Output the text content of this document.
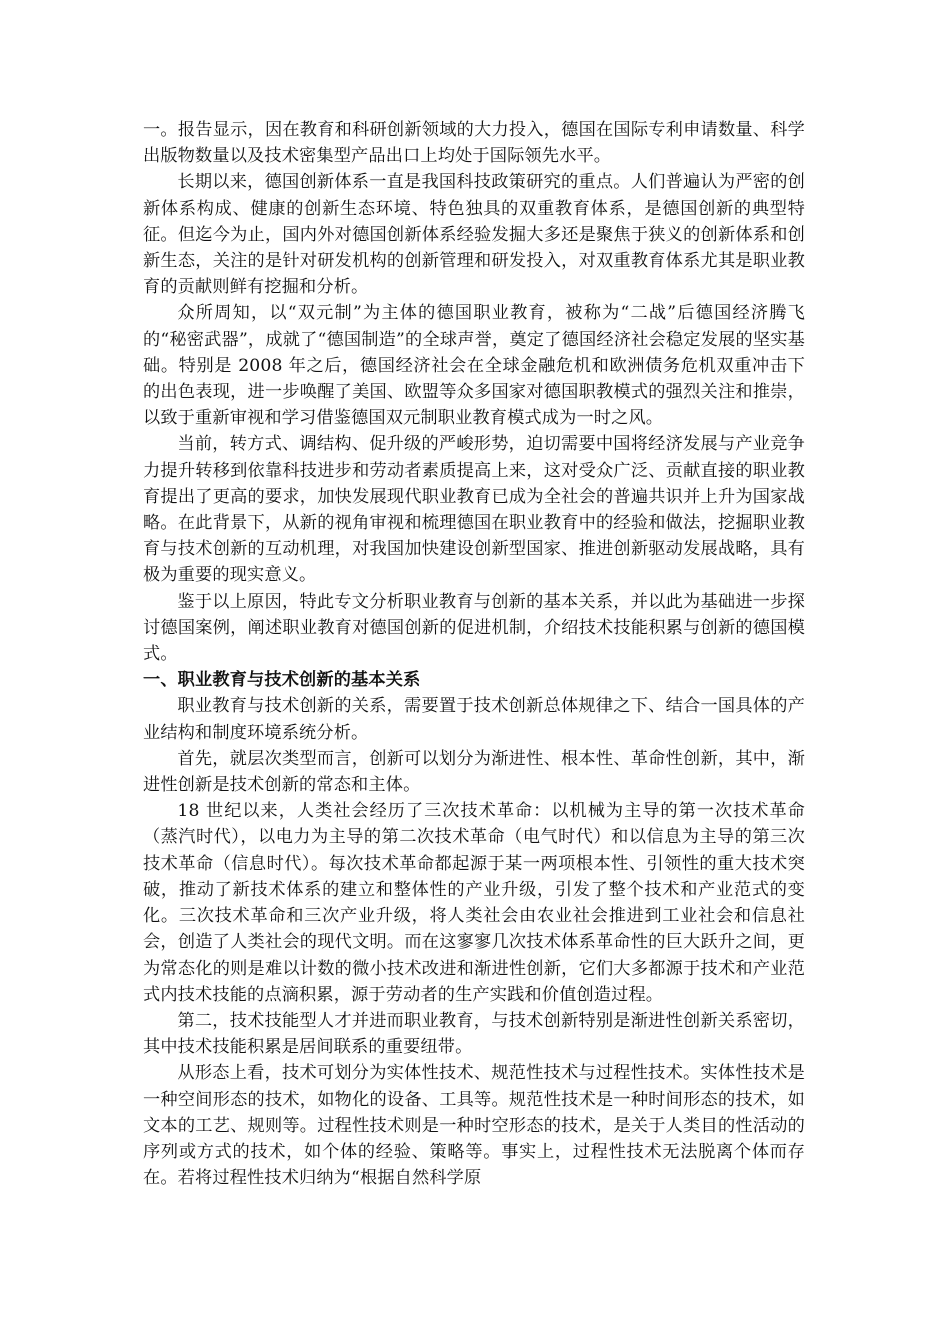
一。报告显示，因在教育和科研创新领域的大力投入，德国在国际专利申请数量、科学出版物数量以及技术密集型产品出口上均处于国际领先水平。

长期以来，德国创新体系一直是我国科技政策研究的重点。人们普遍认为严密的创新体系构成、健康的创新生态环境、特色独具的双重教育体系，是德国创新的典型特征。但迄今为止，国内外对德国创新体系经验发掘大多还是聚焦于狭义的创新体系和创新生态，关注的是针对研发机构的创新管理和研发投入，对双重教育体系尤其是职业教育的贡献则鲜有挖掘和分析。

众所周知，以“双元制”为主体的德国职业教育，被称为“二战”后德国经济腾飞的“秘密武器”，成就了“德国制造”的全球声誉，奠定了德国经济社会稳定发展的坚实基础。特别是 2008 年之后，德国经济社会在全球金融危机和欧洲债务危机双重冲击下的出色表现，进一步唤醒了美国、欧盟等众多国家对德国职教模式的强烈关注和推崇，以致于重新审视和学习借鉴德国双元制职业教育模式成为一时之风。

当前，转方式、调结构、促升级的严峻形势，迫切需要中国将经济发展与产业竞争力提升转移到依靠科技进步和劳动者素质提高上来，这对受众广泛、贡献直接的职业教育提出了更高的要求，加快发展现代职业教育已成为全社会的普遍共识并上升为国家战略。在此背景下，从新的视角审视和梳理德国在职业教育中的经验和做法，挖掘职业教育与技术创新的互动机理，对我国加快建设创新型国家、推进创新驱动发展战略，具有极为重要的现实意义。

鉴于以上原因，特此专文分析职业教育与创新的基本关系，并以此为基础进一步探讨德国案例，阐述职业教育对德国创新的促进机制，介绍技术技能积累与创新的德国模式。

一、职业教育与技术创新的基本关系

职业教育与技术创新的关系，需要置于技术创新总体规律之下、结合一国具体的产业结构和制度环境系统分析。

首先，就层次类型而言，创新可以划分为渐进性、根本性、革命性创新，其中，渐进性创新是技术创新的常态和主体。

18 世纪以来，人类社会经历了三次技术革命：以机械为主导的第一次技术革命（蒸汽时代），以电力为主导的第二次技术革命（电气时代）和以信息为主导的第三次技术革命（信息时代）。每次技术革命都起源于某一两项根本性、引领性的重大技术突破，推动了新技术体系的建立和整体性的产业升级，引发了整个技术和产业范式的变化。三次技术革命和三次产业升级，将人类社会由农业社会推进到工业社会和信息社会，创造了人类社会的现代文明。而在这寥寥几次技术体系革命性的巨大跃升之间，更为常态化的则是难以计数的微小技术改进和渐进性创新，它们大多都源于技术和产业范式内技术技能的点滴积累，源于劳动者的生产实践和价值创造过程。

第二，技术技能型人才并进而职业教育，与技术创新特别是渐进性创新关系密切，其中技术技能积累是居间联系的重要纽带。

从形态上看，技术可划分为实体性技术、规范性技术与过程性技术。实体性技术是一种空间形态的技术，如物化的设备、工具等。规范性技术是一种时间形态的技术，如文本的工艺、规则等。过程性技术则是一种时空形态的技术，是关于人类目的性活动的序列或方式的技术，如个体的经验、策略等。事实上，过程性技术无法脱离个体而存在。若将过程性技术归纳为“根据自然科学原
